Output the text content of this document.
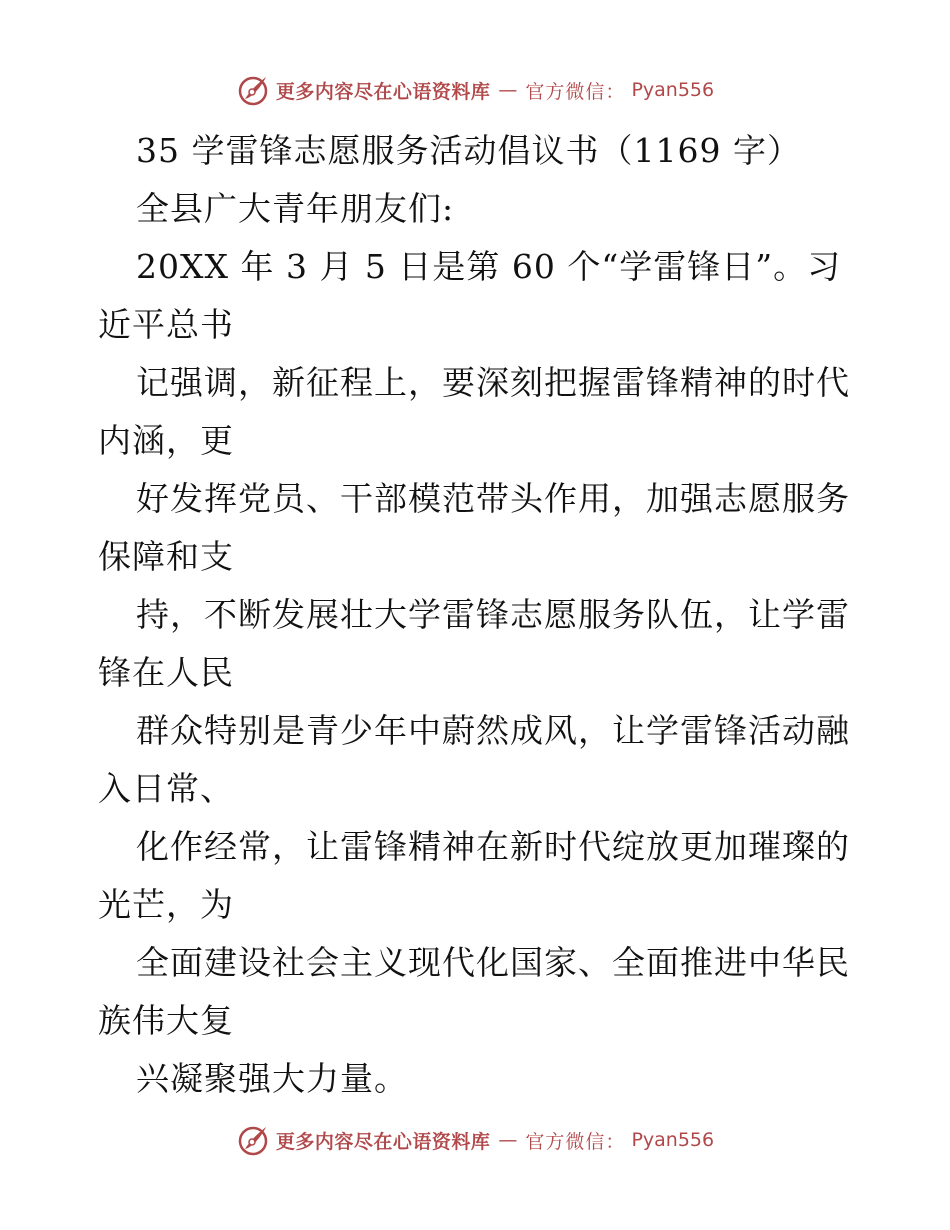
更多内容尽在心语资料库 — 官方微信： Pyan556
35 学雷锋志愿服务活动倡议书（1169 字）
全县广大青年朋友们:
20XX 年 3 月 5 日是第 60 个“学雷锋日”。习
近平总书
记强调，新征程上，要深刻把握雷锋精神的时代
内涵，更
好发挥党员、干部模范带头作用，加强志愿服务
保障和支
持，不断发展壮大学雷锋志愿服务队伍，让学雷
锋在人民
群众特别是青少年中蔚然成风，让学雷锋活动融
入日常、
化作经常，让雷锋精神在新时代绽放更加璀璨的
光芒，为
全面建设社会主义现代化国家、全面推进中华民
族伟大复
兴凝聚强大力量。
更多内容尽在心语资料库 — 官方微信： Pyan556
